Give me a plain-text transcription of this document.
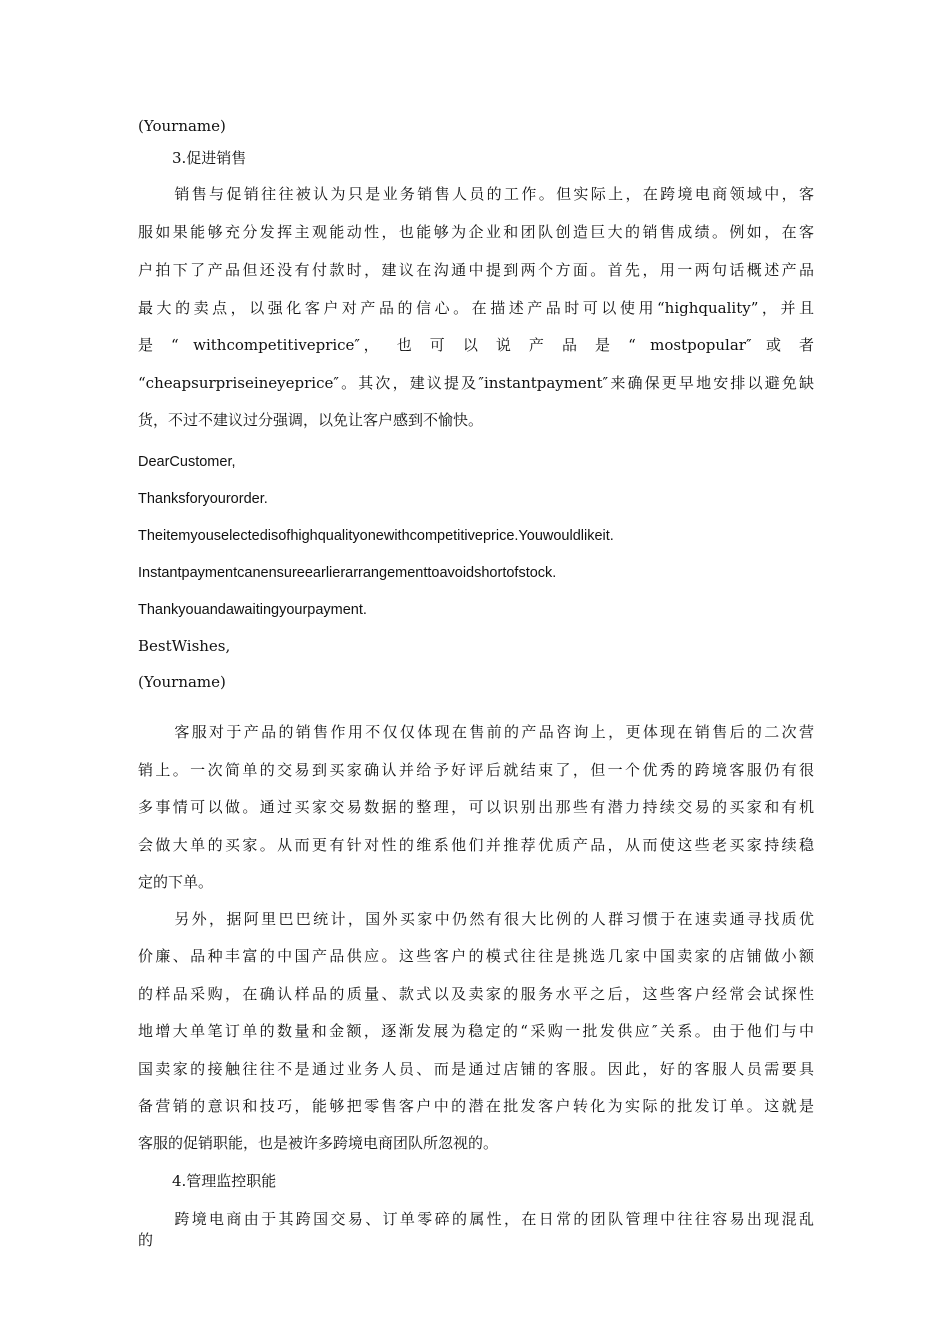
(Yourname)
3.促进销售
销售与促销往往被认为只是业务销售人员的工作。但实际上，在跨境电商领域中，客
服如果能够充分发挥主观能动性，也能够为企业和团队创造巨大的销售成绩。例如，在客
户拍下了产品但还没有付款时，建议在沟通中提到两个方面。首先，用一两句话概述产品
最大的卖点，以强化客户对产品的信心。在描述产品时可以使用“highquality”，并且
是 “ withcompetitiveprice″， 也 可 以 说 产 品 是 “ mostpopular″ 或 者
“cheapsurpriseineyeprice″。其次，建议提及″instantpayment″来确保更早地安排以避免缺
货，不过不建议过分强调，以免让客户感到不愉快。
DearCustomer,
Thanksforyourorder.
Theitemyouselectedisofhighqualityonewithcompetitiveprice.Youwouldlikeit.
Instantpaymentcanensureearlierarrangementtoavoidshortofstock.
Thankyouandawaitingyourpayment.
BestWishes,
(Yourname)
客服对于产品的销售作用不仅仅体现在售前的产品咨询上，更体现在销售后的二次营
销上。一次简单的交易到买家确认并给予好评后就结束了，但一个优秀的跨境客服仍有很
多事情可以做。通过买家交易数据的整理，可以识别出那些有潜力持续交易的买家和有机
会做大单的买家。从而更有针对性的维系他们并推荐优质产品，从而使这些老买家持续稳
定的下单。
另外，据阿里巴巴统计，国外买家中仍然有很大比例的人群习惯于在速卖通寻找质优
价廉、品种丰富的中国产品供应。这些客户的模式往往是挑选几家中国卖家的店铺做小额
的样品采购，在确认样品的质量、款式以及卖家的服务水平之后，这些客户经常会试探性
地增大单笔订单的数量和金额，逐渐发展为稳定的“采购一批发供应″关系。由于他们与中
国卖家的接触往往不是通过业务人员、而是通过店铺的客服。因此，好的客服人员需要具
备营销的意识和技巧，能够把零售客户中的潜在批发客户转化为实际的批发订单。这就是
客服的促销职能，也是被许多跨境电商团队所忽视的。
4.管理监控职能
跨境电商由于其跨国交易、订单零碎的属性，在日常的团队管理中往往容易出现混乱
的
